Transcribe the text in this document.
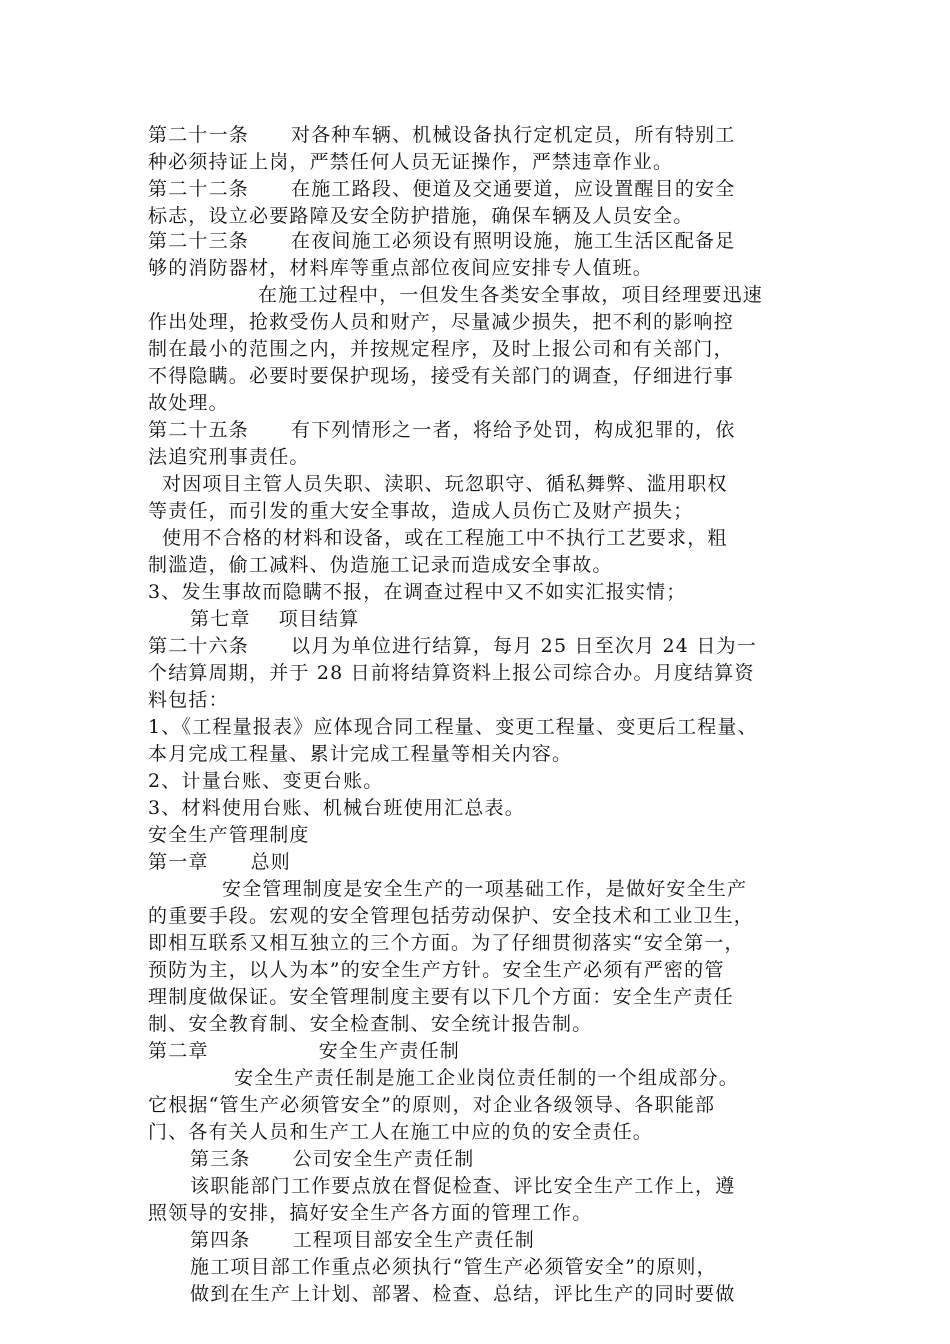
第二十一条 对各种车辆、机械设备执行定机定员，所有特别工
种必须持证上岗，严禁任何人员无证操作，严禁违章作业。
第二十二条 在施工路段、便道及交通要道，应设置醒目的安全
标志，设立必要路障及安全防护措施，确保车辆及人员安全。
第二十三条 在夜间施工必须设有照明设施，施工生活区配备足
够的消防器材，材料库等重点部位夜间应安排专人值班。
在施工过程中，一但发生各类安全事故，项目经理要迅速
作出处理，抢救受伤人员和财产，尽量减少损失，把不利的影响控
制在最小的范围之内，并按规定程序，及时上报公司和有关部门，
不得隐瞒。必要时要保护现场，接受有关部门的调查，仔细进行事
故处理。
第二十五条 有下列情形之一者，将给予处罚，构成犯罪的，依
法追究刑事责任。
对因项目主管人员失职、渎职、玩忽职守、循私舞弊、滥用职权
等责任，而引发的重大安全事故，造成人员伤亡及财产损失；
使用不合格的材料和设备，或在工程施工中不执行工艺要求，粗
制滥造，偷工减料、伪造施工记录而造成安全事故。
3、发生事故而隐瞒不报，在调查过程中又不如实汇报实情；
第七章 项目结算
第二十六条 以月为单位进行结算，每月 25 日至次月 24 日为一
个结算周期，并于 28 日前将结算资料上报公司综合办。月度结算资
料包括：
1、《工程量报表》应体现合同工程量、变更工程量、变更后工程量、
本月完成工程量、累计完成工程量等相关内容。
2、计量台账、变更台账。
3、材料使用台账、机械台班使用汇总表。
安全生产管理制度
第一章 总则
安全管理制度是安全生产的一项基础工作，是做好安全生产
的重要手段。宏观的安全管理包括劳动保护、安全技术和工业卫生，
即相互联系又相互独立的三个方面。为了仔细贯彻落实“安全第一，
预防为主，以人为本”的安全生产方针。安全生产必须有严密的管
理制度做保证。安全管理制度主要有以下几个方面：安全生产责任
制、安全教育制、安全检查制、安全统计报告制。
第二章	安全生产责任制
安全生产责任制是施工企业岗位责任制的一个组成部分。
它根据“管生产必须管安全”的原则，对企业各级领导、各职能部
门、各有关人员和生产工人在施工中应的负的安全责任。
第三条 公司安全生产责任制
该职能部门工作要点放在督促检查、评比安全生产工作上，遵
照领导的安排，搞好安全生产各方面的管理工作。
第四条 工程项目部安全生产责任制
施工项目部工作重点必须执行“管生产必须管安全”的原则，
做到在生产上计划、部署、检查、总结，评比生产的同时要做
